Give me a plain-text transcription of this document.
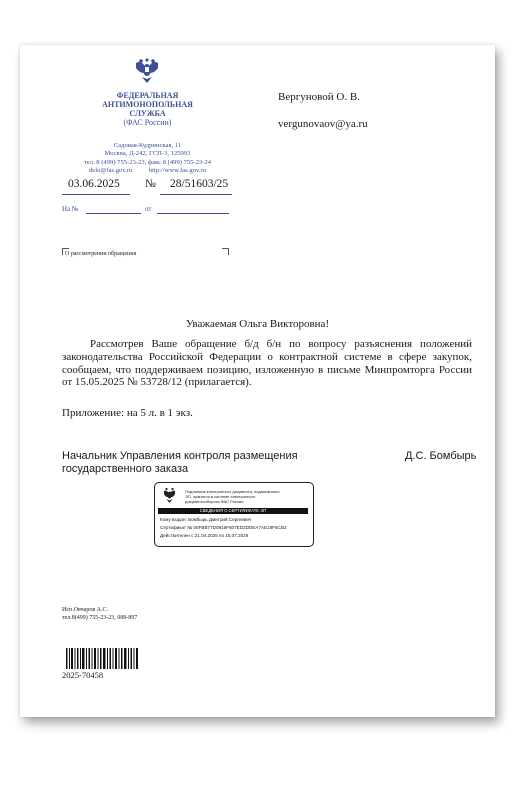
ФЕДЕРАЛЬНАЯ
АНТИМОНОПОЛЬНАЯ
СЛУЖБА
(ФАС России)
Садовая-Кудринская, 11
Москва, Д-242, ГСП-3, 125993
тел. 8 (499) 755-23-23, факс 8 (499) 755-23-24
delo@fas.gov.ru          http://www.fas.gov.ru
03.06.2025 № 28/51603/25
На №	от
О рассмотрении обращения
Вергуновой О. В.
vergunovaov@ya.ru
Уважаемая Ольга Викторовна!
Рассмотрев Ваше обращение б/д б/н по вопросу разъяснения положений законодательства Российской Федерации о контрактной системе в сфере закупок, сообщаем, что поддерживаем позицию, изложенную в письме Минпромторга России от 15.05.2025 № 53728/12 (прилагается).
Приложение: на 5 л. в 1 экз.
Начальник Управления контроля размещения
государственного заказа
Д.С. Бомбырь
Подлинник электронного документа, подписанного
ЭП, хранится в системе электронного
документооборота ФАС России
СВЕДЕНИЯ О СЕРТИФИКАТЕ ЭП
Кому выдан: Бомбырь Дмитрий Сергеевич
Сертификат № 00FBB77D0916F807ED2DDEA7AE18F6CB3
Действителен с 21.04.2025 по 15.07.2026
Исп.Овчаров А.С.
тел.8(499) 755-23-23, 088-897
2025-70458
